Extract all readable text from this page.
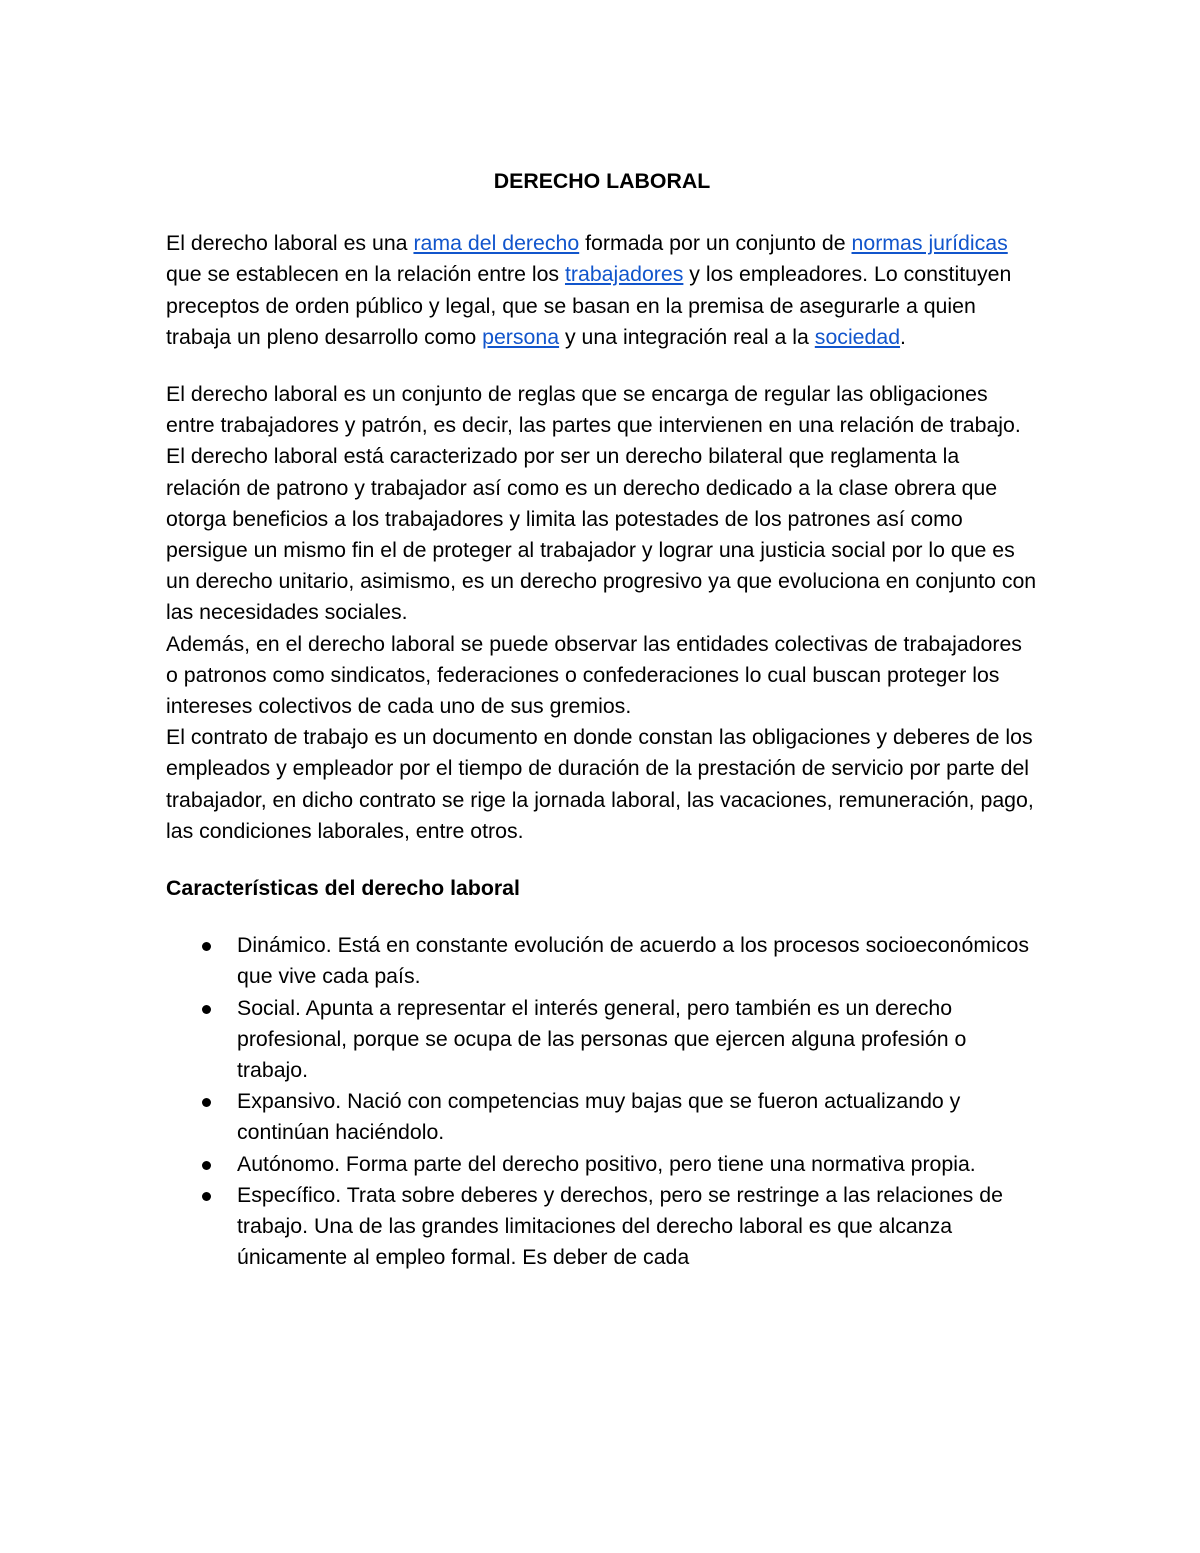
DERECHO LABORAL

El derecho laboral es una rama del derecho formada por un conjunto de normas jurídicas que se establecen en la relación entre los trabajadores y los empleadores. Lo constituyen preceptos de orden público y legal, que se basan en la premisa de asegurarle a quien trabaja un pleno desarrollo como persona y una integración real a la sociedad.

El derecho laboral es un conjunto de reglas que se encarga de regular las obligaciones entre trabajadores y patrón, es decir, las partes que intervienen en una relación de trabajo.

El derecho laboral está caracterizado por ser un derecho bilateral que reglamenta la relación de patrono y trabajador así como es un derecho dedicado a la clase obrera que otorga beneficios a los trabajadores y limita las potestades de los patrones así como persigue un mismo fin el de proteger al trabajador y lograr una justicia social por lo que es un derecho unitario, asimismo, es un derecho progresivo ya que evoluciona en conjunto con las necesidades sociales.

Además, en el derecho laboral se puede observar las entidades colectivas de trabajadores o patronos como sindicatos, federaciones o confederaciones lo cual buscan proteger los intereses colectivos de cada uno de sus gremios.

El contrato de trabajo es un documento en donde constan las obligaciones y deberes de los empleados y empleador por el tiempo de duración de la prestación de servicio por parte del trabajador, en dicho contrato se rige la jornada laboral, las vacaciones, remuneración, pago, las condiciones laborales, entre otros.

Características del derecho laboral
Dinámico. Está en constante evolución de acuerdo a los procesos socioeconómicos que vive cada país.
Social. Apunta a representar el interés general, pero también es un derecho profesional, porque se ocupa de las personas que ejercen alguna profesión o trabajo.
Expansivo. Nació con competencias muy bajas que se fueron actualizando y continúan haciéndolo.
Autónomo. Forma parte del derecho positivo, pero tiene una normativa propia.
Específico. Trata sobre deberes y derechos, pero se restringe a las relaciones de trabajo. Una de las grandes limitaciones del derecho laboral es que alcanza únicamente al empleo formal. Es deber de cada
